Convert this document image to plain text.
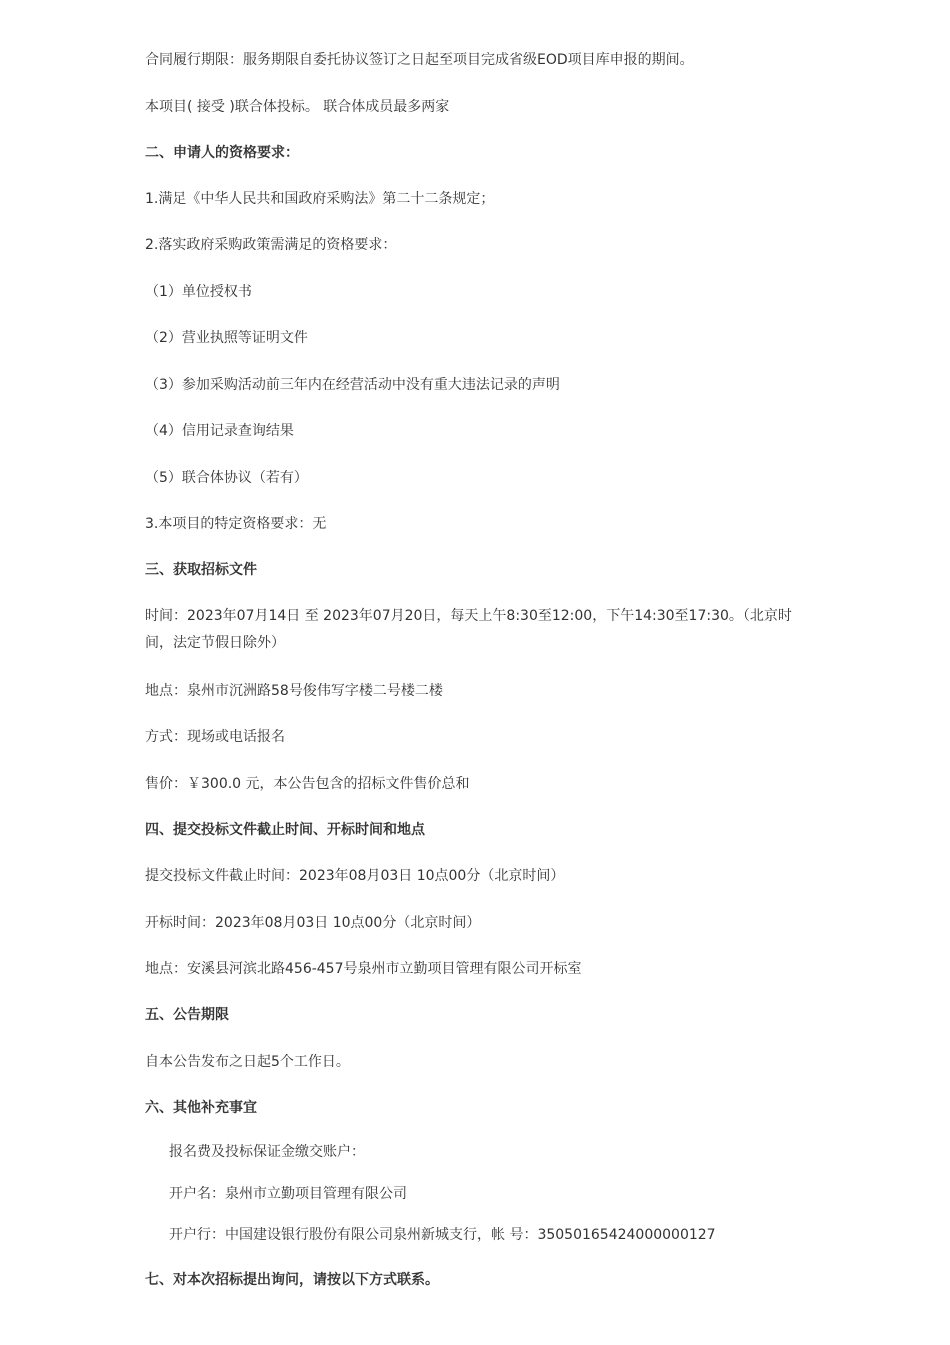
合同履行期限：服务期限自委托协议签订之日起至项目完成省级EOD项目库申报的期间。
本项目( 接受 )联合体投标。 联合体成员最多两家
二、申请人的资格要求：
1.满足《中华人民共和国政府采购法》第二十二条规定；
2.落实政府采购政策需满足的资格要求：
（1）单位授权书
（2）营业执照等证明文件
（3）参加采购活动前三年内在经营活动中没有重大违法记录的声明
（4）信用记录查询结果
（5）联合体协议（若有）
3.本项目的特定资格要求：无
三、获取招标文件
时间：2023年07月14日 至 2023年07月20日，每天上午8:30至12:00，下午14:30至17:30。（北京时间，法定节假日除外）
地点：泉州市沉洲路58号俊伟写字楼二号楼二楼
方式：现场或电话报名
售价：￥300.0 元，本公告包含的招标文件售价总和
四、提交投标文件截止时间、开标时间和地点
提交投标文件截止时间：2023年08月03日 10点00分（北京时间）
开标时间：2023年08月03日 10点00分（北京时间）
地点：安溪县河滨北路456-457号泉州市立勤项目管理有限公司开标室
五、公告期限
自本公告发布之日起5个工作日。
六、其他补充事宜
报名费及投标保证金缴交账户：
开户名：泉州市立勤项目管理有限公司
开户行：中国建设银行股份有限公司泉州新城支行，帐 号：35050165424000000127
七、对本次招标提出询问，请按以下方式联系。
